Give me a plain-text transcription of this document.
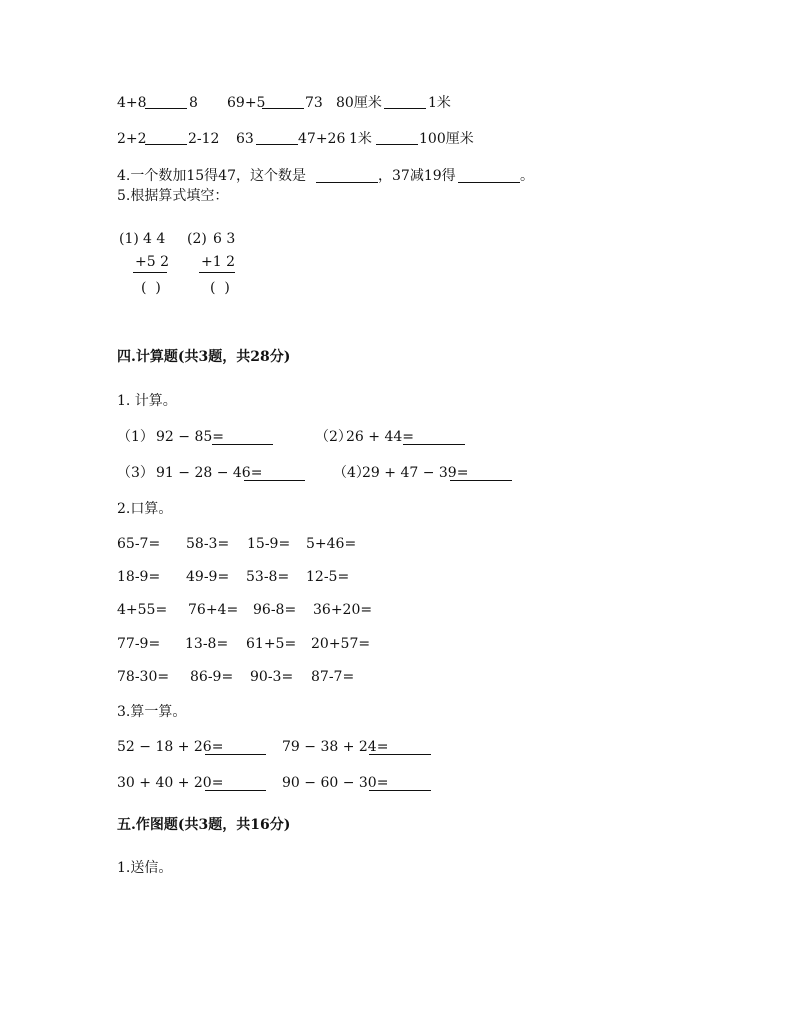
4+8	8 69+5	73 80厘米	1米
2+2	2-12 63	47+26 1米	100厘米
4.一个数加15得47，这个数是	，37减19得	。
5.根据算式填空：
(1) 4 4
+5 2
(  )
(2) 6 3
+1 2
(  )
四.计算题(共3题，共28分)
1. 计算。
（1） 92 − 85=	（2）
26 + 44=
（3） 91 − 28 − 46=	（4）
29 + 47 − 39=
2.口算。
65-7= 58-3= 15-9= 5+46=
18-9= 49-9= 53-8= 12-5=
4+55= 76+4= 96-8= 36+20=
77-9= 13-8= 61+5= 20+57=
78-30= 86-9= 90-3= 87-7=
3.算一算。
52 − 18 + 26=	79 − 38 + 24=
30 + 40 + 20=	90 − 60 − 30=
五.作图题(共3题，共16分)
1.送信。
